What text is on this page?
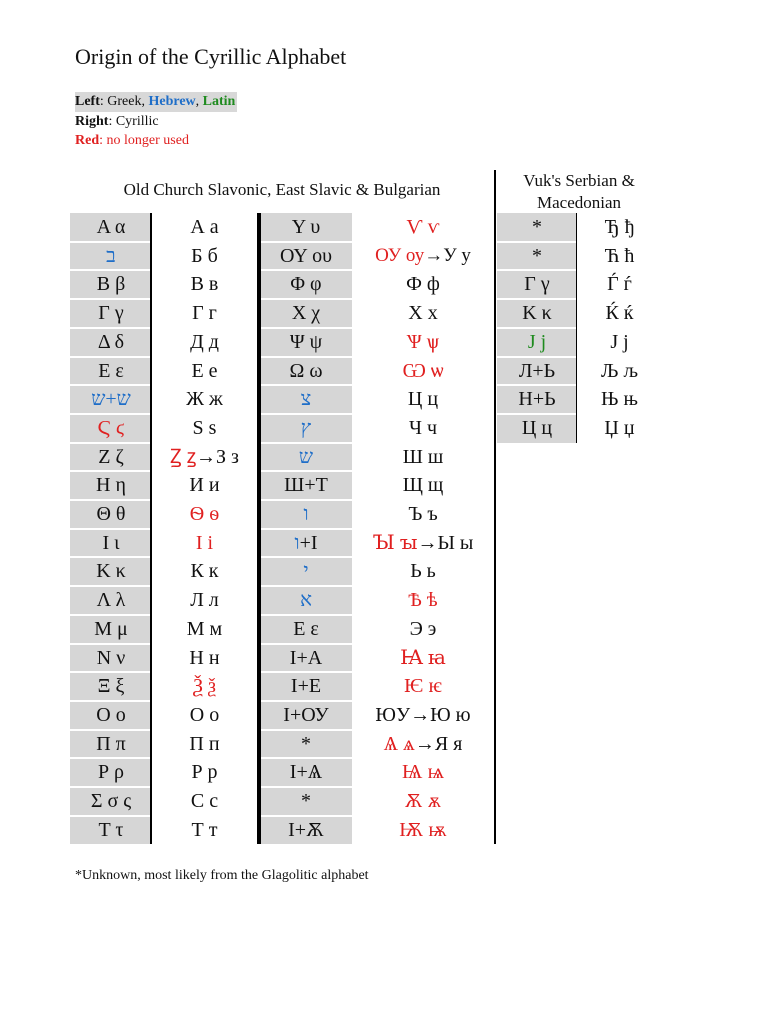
Origin of the Cyrillic Alphabet
Left: Greek, Hebrew, Latin
Right: Cyrillic
Red: no longer used
Old Church Slavonic, East Slavic & Bulgarian	Vuk's Serbian & Macedonian
Α α
ב
Β β
Γ γ
Δ δ
Ε ε
ש+ש
Ϛ ϛ
Ζ ζ
Η η
Θ θ
Ι ι
Κ κ
Λ λ
Μ μ
Ν ν
Ξ ξ
Ο ο
Π π
Ρ ρ
Σ σ ς
Τ τ
А а
Б б
В в
Г г
Д д
Е е
Ж ж
Ѕ ѕ
Ꙁ ꙁ→З з
И и
Ѳ ѳ
І і
К к
Л л
М м
Н н
Ѯ ѯ
О о
П п
Р р
С с
Т т
Υ υ
ΟΥ ου
Φ φ
Χ χ
Ψ ψ
Ω ω
צ
ץ
ש
Ш+Т
ו
ו+І
י
א
Ε ε
І+А
І+Е
І+ОУ
*
І+Ѧ
*
І+Ѫ
Ѵ ѵ
ОУ оу→У у
Ф ф
Х х
Ѱ ѱ
Ѡ ѡ
Ц ц
Ч ч
Ш ш
Щ щ
Ъ ъ
Ꙑ ꙑ→Ы ы
Ь ь
Ѣ ѣ
Э э
Ꙗ ꙗ
Ѥ ѥ
ЮУ→Ю ю
Ѧ ѧ→Я я
Ѩ ѩ
Ѫ ѫ
Ѭ ѭ
*
*
Γ γ
Κ κ
J j
Л+Ь
Н+Ь
Ц ц
Ђ ђ
Ћ ћ
Ѓ ѓ
Ќ ќ
Ј ј
Љ љ
Њ њ
Џ џ
*Unknown, most likely from the Glagolitic alphabet
